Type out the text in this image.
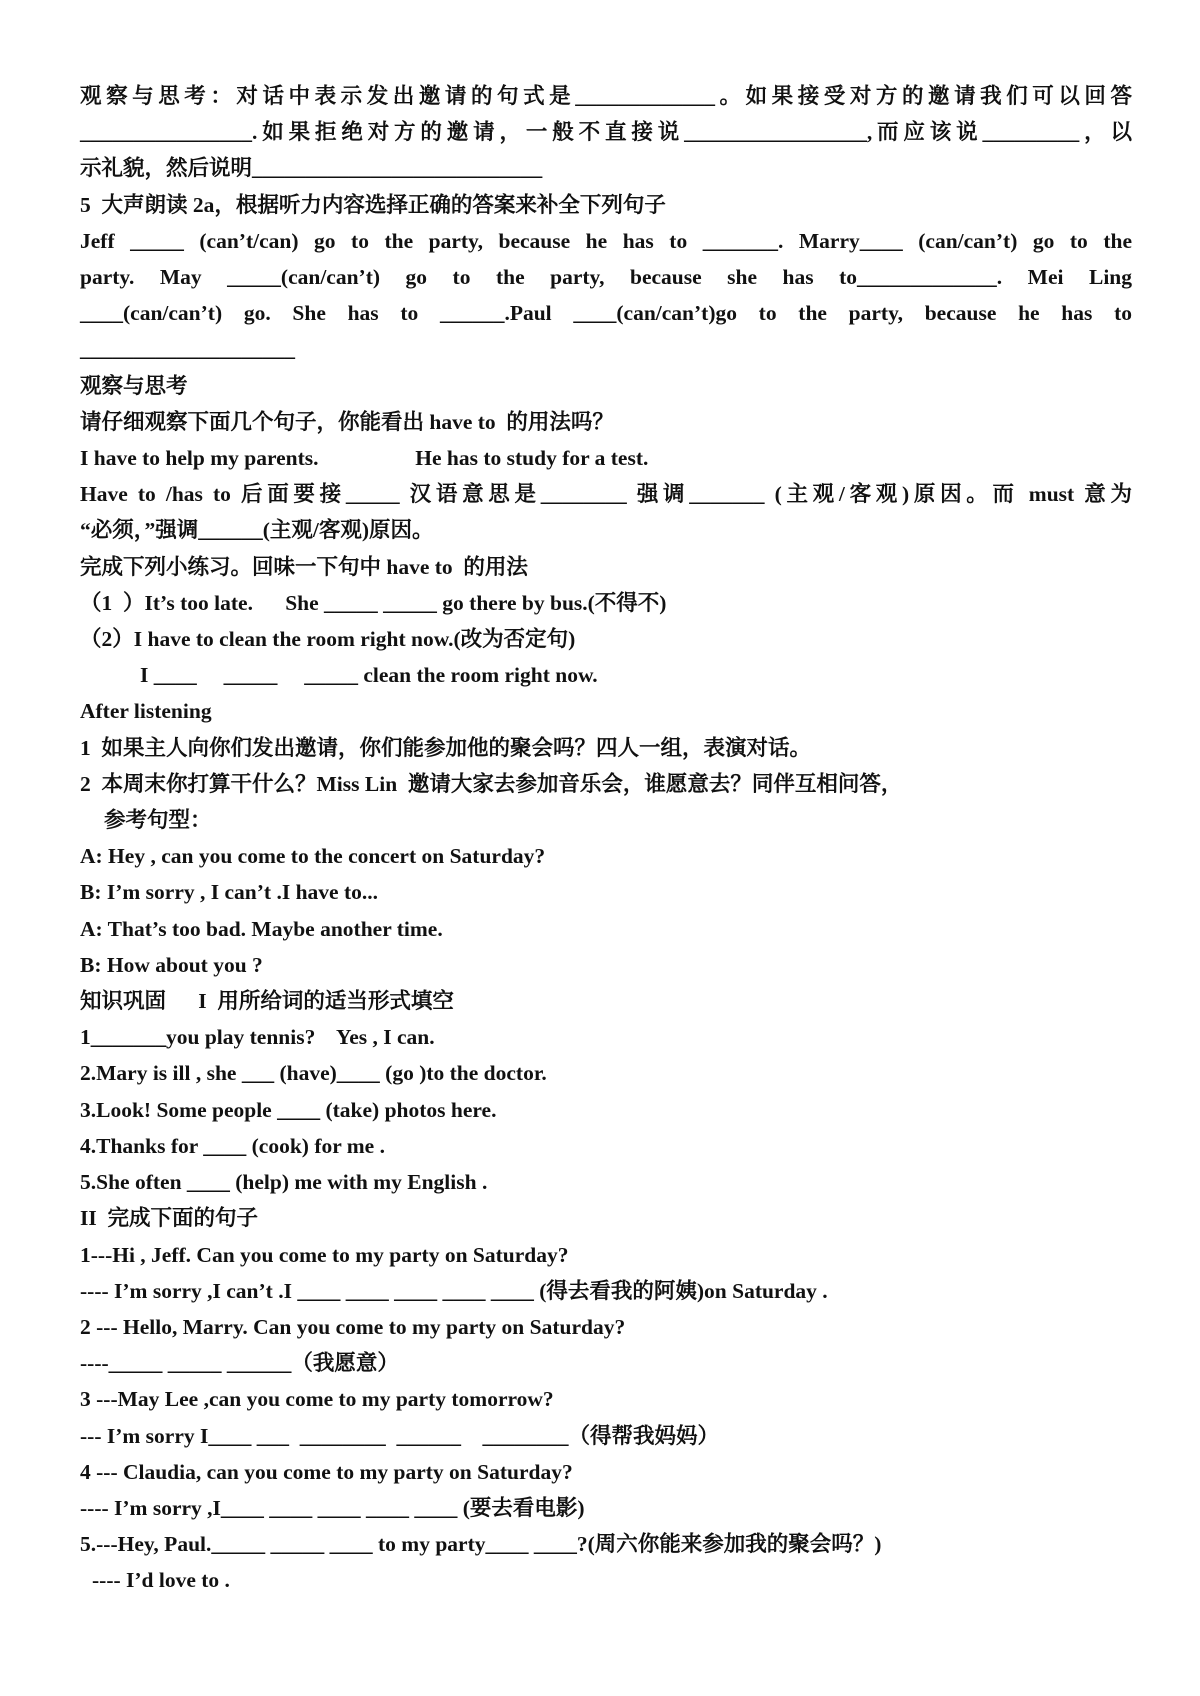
观察与思考：对话中表示发出邀请的句式是_____________。如果接受对方的邀请我们可以回答
________________.如果拒绝对方的邀请，一般不直接说_________________,而应该说_________，以
示礼貌，然后说明___________________________
5  大声朗读 2a，根据听力内容选择正确的答案来补全下列句子
Jeff _____ (can’t/can) go to the party, because he has to _______. Marry____ (can/can’t) go to the
party. May _____(can/can’t) go to the party, because she has to_____________. Mei Ling
____(can/can’t) go. She has to ______.Paul ____(can/can’t)go to the party, because he has to
____________________
观察与思考
请仔细观察下面几个句子，你能看出 have to  的用法吗？
I have to help my parents.                  He has to study for a test.
Have to /has to 后面要接_____ 汉语意思是________ 强调_______ (主观/客观)原因。而 must 意为
“必须，”强调______(主观/客观)原因。
完成下列小练习。回味一下句中 have to  的用法
（1  ）It’s too late.      She _____ _____ go there by bus.(不得不)
（2）I have to clean the room right now.(改为否定句)
I ____     _____     _____ clean the room right now.
After listening
1  如果主人向你们发出邀请，你们能参加他的聚会吗？四人一组，表演对话。
2  本周末你打算干什么？Miss Lin  邀请大家去参加音乐会，谁愿意去？同伴互相问答，
参考句型：
A: Hey , can you come to the concert on Saturday?
B: I’m sorry , I can’t .I have to...
A: That’s too bad. Maybe another time.
B: How about you ?
知识巩固      I  用所给词的适当形式填空
1_______you play tennis?    Yes , I can.
2.Mary is ill , she ___ (have)____ (go )to the doctor.
3.Look! Some people ____ (take) photos here.
4.Thanks for ____ (cook) for me .
5.She often ____ (help) me with my English .
II  完成下面的句子
1---Hi , Jeff. Can you come to my party on Saturday?
---- I’m sorry ,I can’t .I ____ ____ ____ ____ ____ (得去看我的阿姨)on Saturday .
2 --- Hello, Marry. Can you come to my party on Saturday?
----_____ _____ ______（我愿意）
3 ---May Lee ,can you come to my party tomorrow?
--- I’m sorry I____ ___  ________  ______    ________（得帮我妈妈）
4 --- Claudia, can you come to my party on Saturday?
---- I’m sorry ,I____ ____ ____ ____ ____ (要去看电影)
5.---Hey, Paul._____ _____ ____ to my party____ ____?(周六你能来参加我的聚会吗？)
---- I’d love to .
